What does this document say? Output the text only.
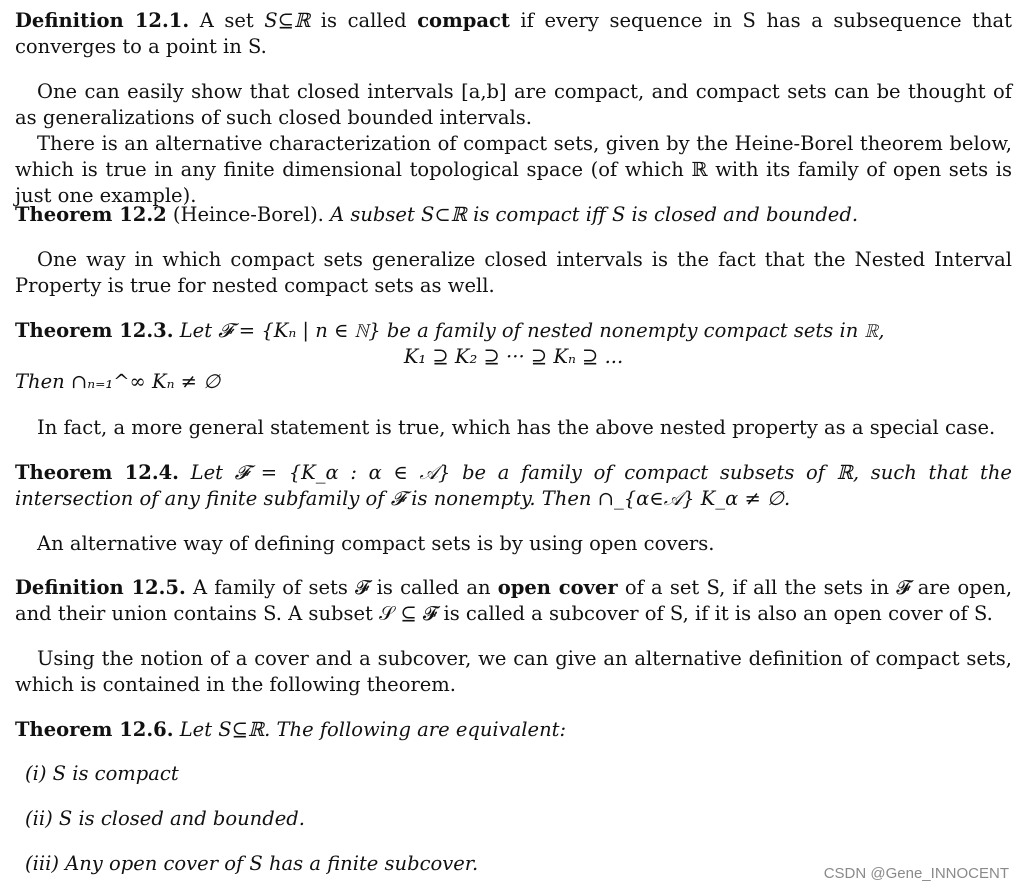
Definition 12.1. A set S⊆ℝ is called compact if every sequence in S has a subsequence that converges to a point in S.
One can easily show that closed intervals [a,b] are compact, and compact sets can be thought of as generalizations of such closed bounded intervals.
There is an alternative characterization of compact sets, given by the Heine-Borel theorem below, which is true in any finite dimensional topological space (of which ℝ with its family of open sets is just one example).
Theorem 12.2 (Heince-Borel). A subset S⊂ℝ is compact iff S is closed and bounded.
One way in which compact sets generalize closed intervals is the fact that the Nested Interval Property is true for nested compact sets as well.
Theorem 12.3. Let 𝓕 = {Kₙ | n ∈ ℕ} be a family of nested nonempty compact sets in ℝ,
K₁ ⊇ K₂ ⊇ ··· ⊇ Kₙ ⊇ ...
Then ∩ₙ₌₁^∞ Kₙ ≠ ∅
In fact, a more general statement is true, which has the above nested property as a special case.
Theorem 12.4. Let 𝓕 = {K_α : α ∈ 𝒜} be a family of compact subsets of ℝ, such that the intersection of any finite subfamily of 𝓕 is nonempty. Then ∩_{α∈𝒜} K_α ≠ ∅.
An alternative way of defining compact sets is by using open covers.
Definition 12.5. A family of sets 𝓕 is called an open cover of a set S, if all the sets in 𝓕 are open, and their union contains S. A subset 𝒮 ⊆ 𝓕 is called a subcover of S, if it is also an open cover of S.
Using the notion of a cover and a subcover, we can give an alternative definition of compact sets, which is contained in the following theorem.
Theorem 12.6. Let S⊆ℝ. The following are equivalent:
(i) S is compact
(ii) S is closed and bounded.
(iii) Any open cover of S has a finite subcover.	CSDN @Gene_INNOCENT
